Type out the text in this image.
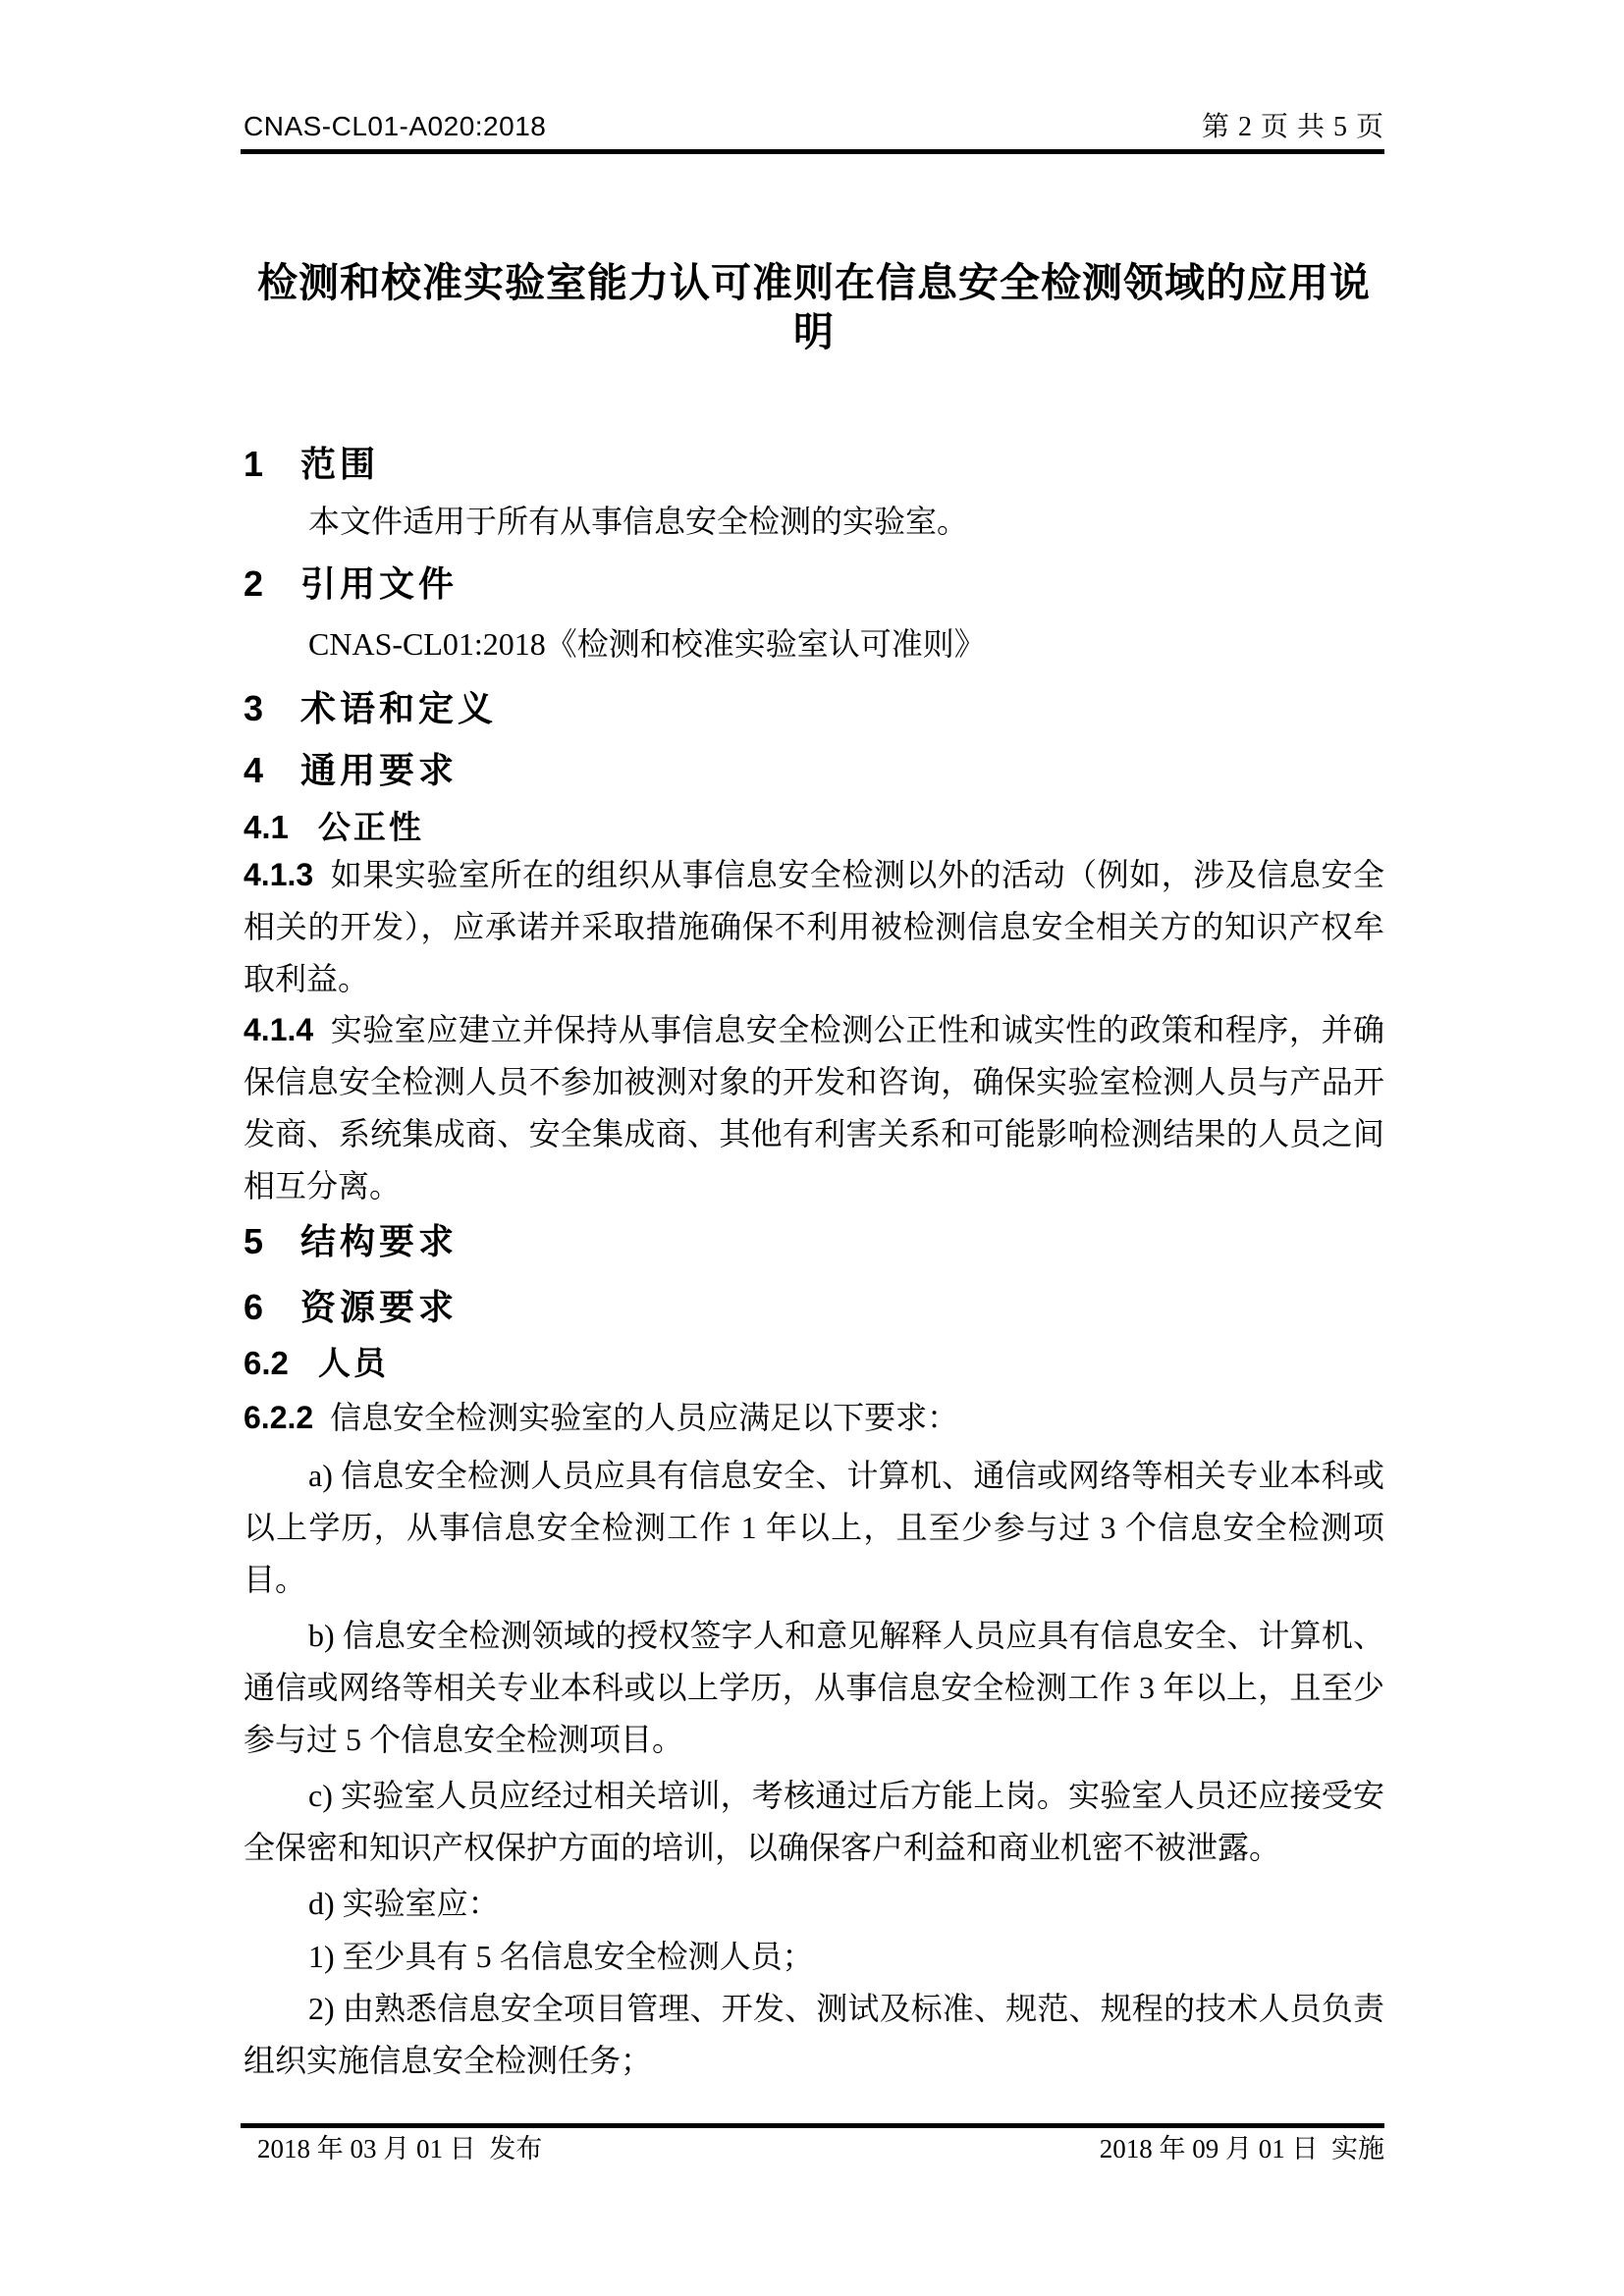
CNAS-CL01-A020:2018	第 2 页 共 5 页
检测和校准实验室能力认可准则在信息安全检测领域的应用说明
1 范围

本文件适用于所有从事信息安全检测的实验室。

2 引用文件

CNAS-CL01:2018《检测和校准实验室认可准则》

3 术语和定义
4 通用要求
4.1 公正性

4.1.3 如果实验室所在的组织从事信息安全检测以外的活动（例如，涉及信息安全相关的开发），应承诺并采取措施确保不利用被检测信息安全相关方的知识产权牟取利益。

4.1.4 实验室应建立并保持从事信息安全检测公正性和诚实性的政策和程序，并确保信息安全检测人员不参加被测对象的开发和咨询，确保实验室检测人员与产品开发商、系统集成商、安全集成商、其他有利害关系和可能影响检测结果的人员之间相互分离。

5 结构要求
6 资源要求
6.2 人员

6.2.2 信息安全检测实验室的人员应满足以下要求：

a) 信息安全检测人员应具有信息安全、计算机、通信或网络等相关专业本科或以上学历，从事信息安全检测工作 1 年以上，且至少参与过 3 个信息安全检测项目。

b) 信息安全检测领域的授权签字人和意见解释人员应具有信息安全、计算机、通信或网络等相关专业本科或以上学历，从事信息安全检测工作 3 年以上，且至少参与过 5 个信息安全检测项目。

c) 实验室人员应经过相关培训，考核通过后方能上岗。实验室人员还应接受安全保密和知识产权保护方面的培训，以确保客户利益和商业机密不被泄露。

d) 实验室应：

1) 至少具有 5 名信息安全检测人员；

2) 由熟悉信息安全项目管理、开发、测试及标准、规范、规程的技术人员负责组织实施信息安全检测任务；

2018 年 03 月 01 日  发布	2018 年 09 月 01 日  实施
